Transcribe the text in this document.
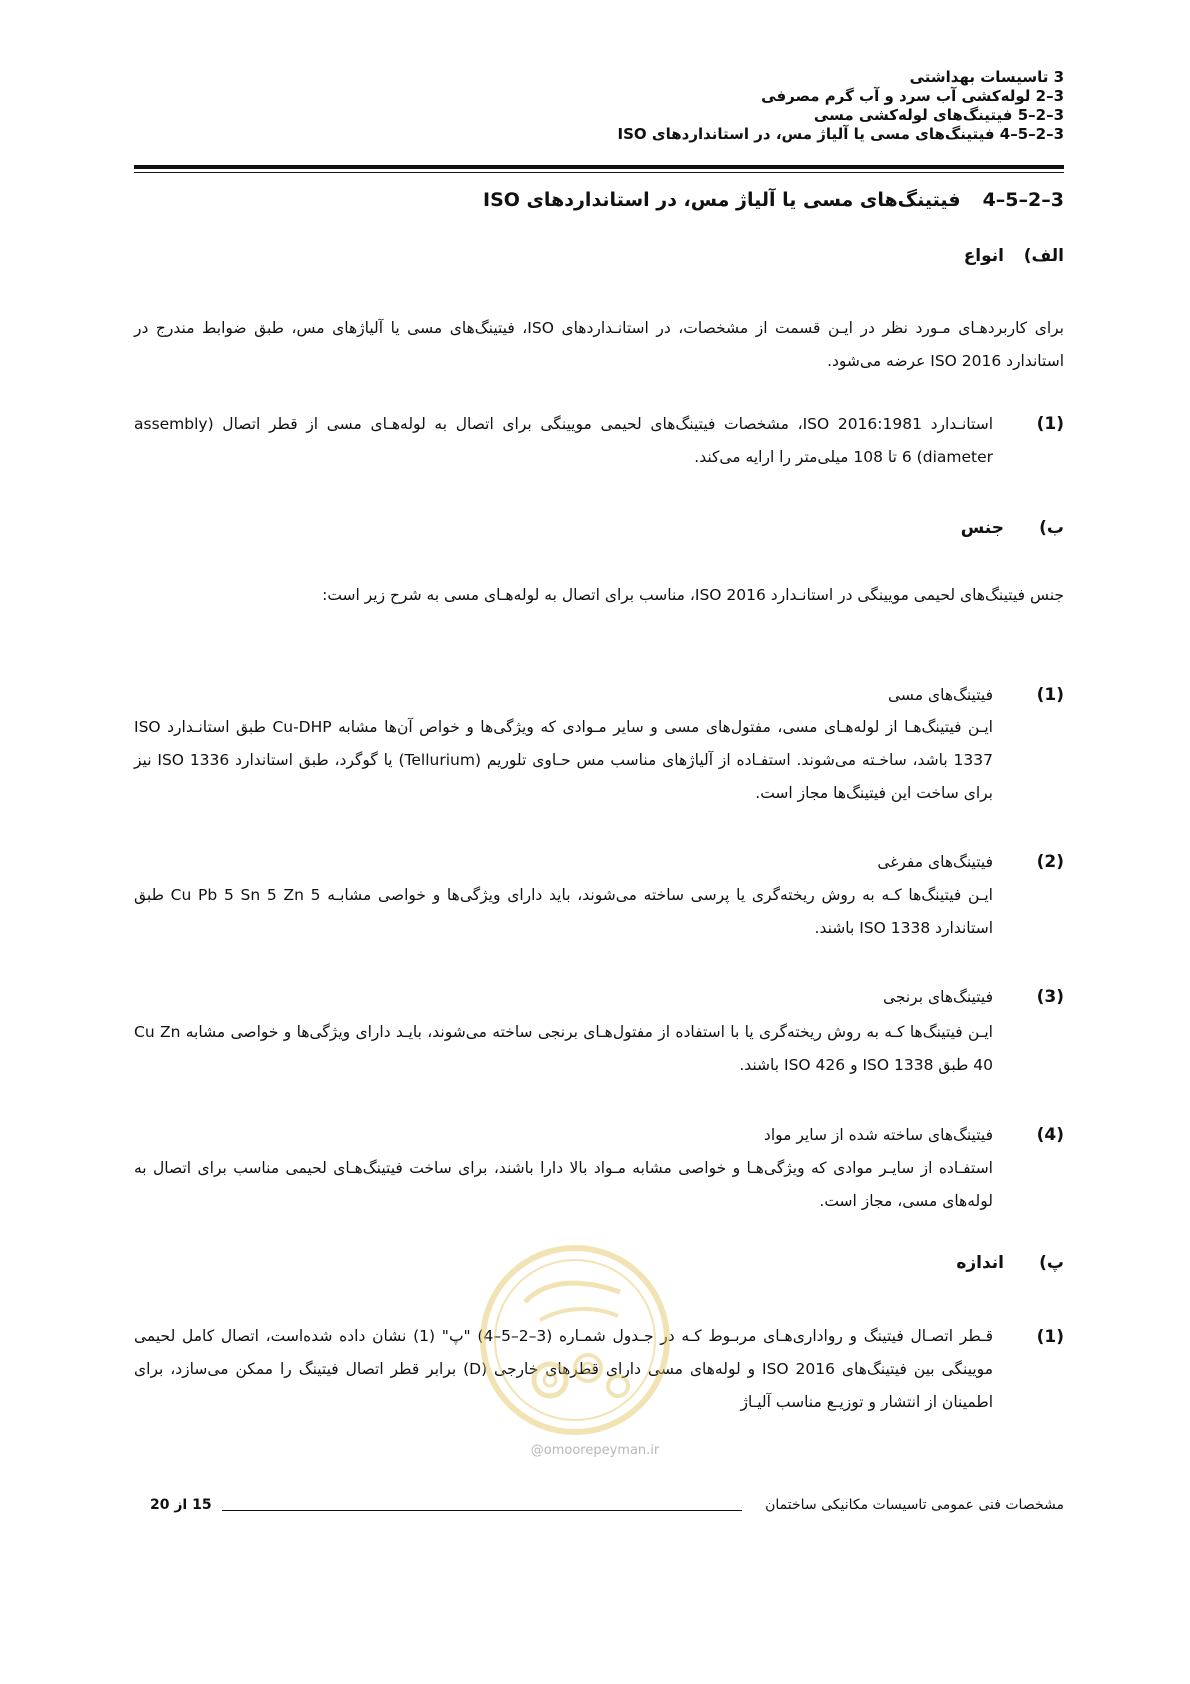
3 تاسیسات بهداشتی
3–2 لوله‌کشی آب سرد و آب گرم مصرفی
3–2–5 فیتینگ‌های لوله‌کشی مسی
3–2–5–4 فیتینگ‌های مسی یا آلیاژ مس، در استانداردهای ISO
3–2–5–4فیتینگ‌های مسی یا آلیاژ مس، در استانداردهای ISO
الف)انواع
برای کاربردهـای مـورد نظر در ایـن قسمت از مشخصات، در استانـداردهای ISO، فیتینگ‌های مسی یا آلیاژهای مس، طبق ضوابط مندرج در استاندارد ISO 2016 عرضه می‌شود.
(1)
استانـدارد ISO 2016:1981، مشخصات فیتینگ‌های لحیمی مویینگی برای اتصال به لوله‌هـای مسی از قطر اتصال (assembly diameter) 6 تا 108 میلی‌متر را ارایه می‌کند.
ب)جنس
جنس فیتینگ‌های لحیمی مویینگی در استانـدارد ISO 2016، مناسب برای اتصال به لوله‌هـای مسی به شرح زیر است:
(1)
فیتینگ‌های مسی
ایـن فیتینگ‌هـا از لوله‌هـای مسی، مفتول‌های مسی و سایر مـوادی که ویژگی‌ها و خواص آن‌ها مشابه Cu-DHP طبق استانـدارد ISO 1337 باشد، ساخـته می‌شوند. استفـاده از آلیاژهای مناسب مس حـاوی تلوریم (Tellurium) یا گوگرد، طبق استاندارد ISO 1336 نیز برای ساخت این فیتینگ‌ها مجاز است.
(2)
فیتینگ‌های مفرغی
ایـن فیتینگ‌ها کـه به روش ریخته‌گری یا پرسی ساخته می‌شوند، باید دارای ویژگی‌ها و خواصی مشابـه Cu Pb 5 Sn 5 Zn 5 طبق استاندارد ISO 1338 باشند.
(3)
فیتینگ‌های برنجی
ایـن فیتینگ‌ها کـه به روش ریخته‌گری یا با استفاده از مفتول‌هـای برنجی ساخته می‌شوند، بایـد دارای ویژگی‌ها و خواصی مشابه Cu Zn 40 طبق ISO 1338 و ISO 426 باشند.
(4)
فیتینگ‌های ساخته شده از سایر مواد
استفـاده از سایـر موادی که ویژگی‌هـا و خواصی مشابه مـواد بالا دارا باشند، برای ساخت فیتینگ‌هـای لحیمی مناسب برای اتصال به لوله‌های مسی، مجاز است.
پ)اندازه
(1)
قـطر اتصـال فیتینگ و رواداری‌هـای مربـوط کـه در جـدول شمـاره (3–2–5–4) "پ" (1) نشان داده شده‌است، اتصال کامل لحیمی مویینگی بین فیتینگ‌های ISO 2016 و لوله‌های مسی دارای قطرهای خارجی (D) برابر قطر اتصال فیتینگ را ممکن می‌سازد، برای اطمینان از انتشار و توزیـع مناسب آلیـاژ
@omoorepeyman.ir
مشخصات فنی عمومی تاسیسات مکانیکی ساختمان
15 از 20
